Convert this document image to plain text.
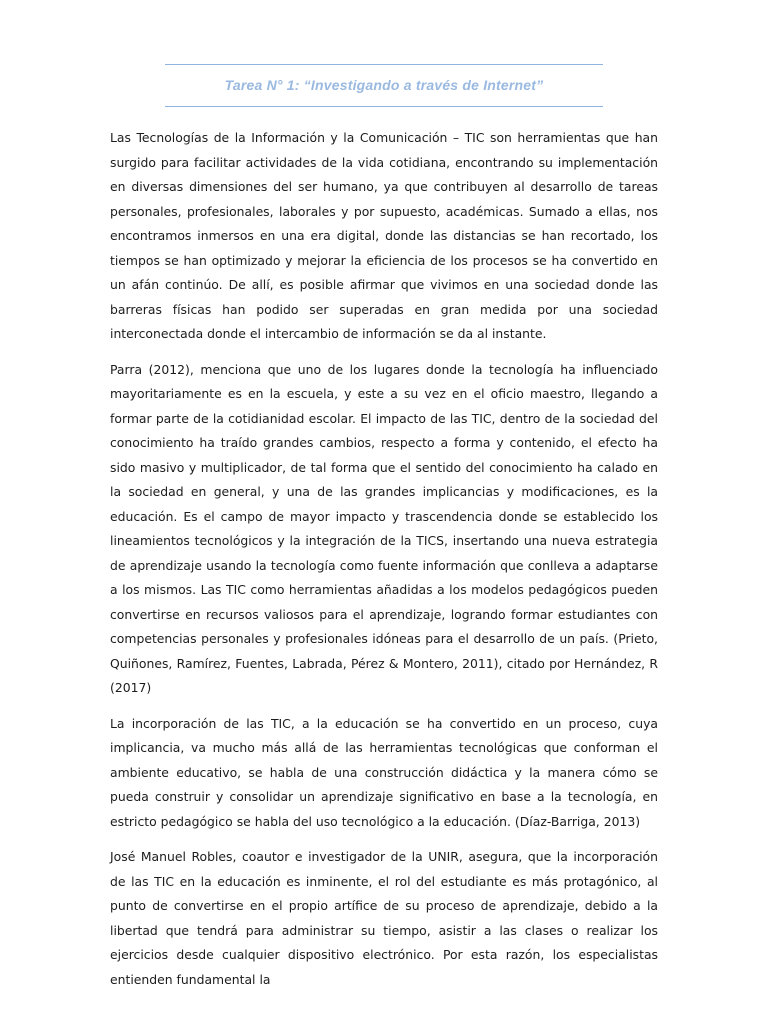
Tarea N° 1: “Investigando a través de Internet”

Las Tecnologías de la Información y la Comunicación – TIC son herramientas que han surgido para facilitar actividades de la vida cotidiana, encontrando su implementación en diversas dimensiones del ser humano, ya que contribuyen al desarrollo de tareas personales, profesionales, laborales y por supuesto, académicas. Sumado a ellas, nos encontramos inmersos en una era digital, donde las distancias se han recortado, los tiempos se han optimizado y mejorar la eficiencia de los procesos se ha convertido en un afán continúo. De allí, es posible afirmar que vivimos en una sociedad donde las barreras físicas han podido ser superadas en gran medida por una sociedad interconectada donde el intercambio de información se da al instante.

Parra (2012), menciona que uno de los lugares donde la tecnología ha influenciado mayoritariamente es en la escuela, y este a su vez en el oficio maestro, llegando a formar parte de la cotidianidad escolar. El impacto de las TIC, dentro de la sociedad del conocimiento ha traído grandes cambios, respecto a forma y contenido, el efecto ha sido masivo y multiplicador, de tal forma que el sentido del conocimiento ha calado en la sociedad en general, y una de las grandes implicancias y modificaciones, es la educación. Es el campo de mayor impacto y trascendencia donde se establecido los lineamientos tecnológicos y la integración de la TICS, insertando una nueva estrategia de aprendizaje usando la tecnología como fuente información que conlleva a adaptarse a los mismos. Las TIC como herramientas añadidas a los modelos pedagógicos pueden convertirse en recursos valiosos para el aprendizaje, logrando formar estudiantes con competencias personales y profesionales idóneas para el desarrollo de un país. (Prieto, Quiñones, Ramírez, Fuentes, Labrada, Pérez & Montero, 2011), citado por Hernández, R (2017)

La incorporación de las TIC, a la educación se ha convertido en un proceso, cuya implicancia, va mucho más allá de las herramientas tecnológicas que conforman el ambiente educativo, se habla de una construcción didáctica y la manera cómo se pueda construir y consolidar un aprendizaje significativo en base a la tecnología, en estricto pedagógico se habla del uso tecnológico a la educación. (Díaz-Barriga, 2013)

José Manuel Robles, coautor e investigador de la UNIR, asegura, que la incorporación de las TIC en la educación es inminente, el rol del estudiante es más protagónico, al punto de convertirse en el propio artífice de su proceso de aprendizaje, debido a la libertad que tendrá para administrar su tiempo, asistir a las clases o realizar los ejercicios desde cualquier dispositivo electrónico. Por esta razón, los especialistas entienden fundamental la
